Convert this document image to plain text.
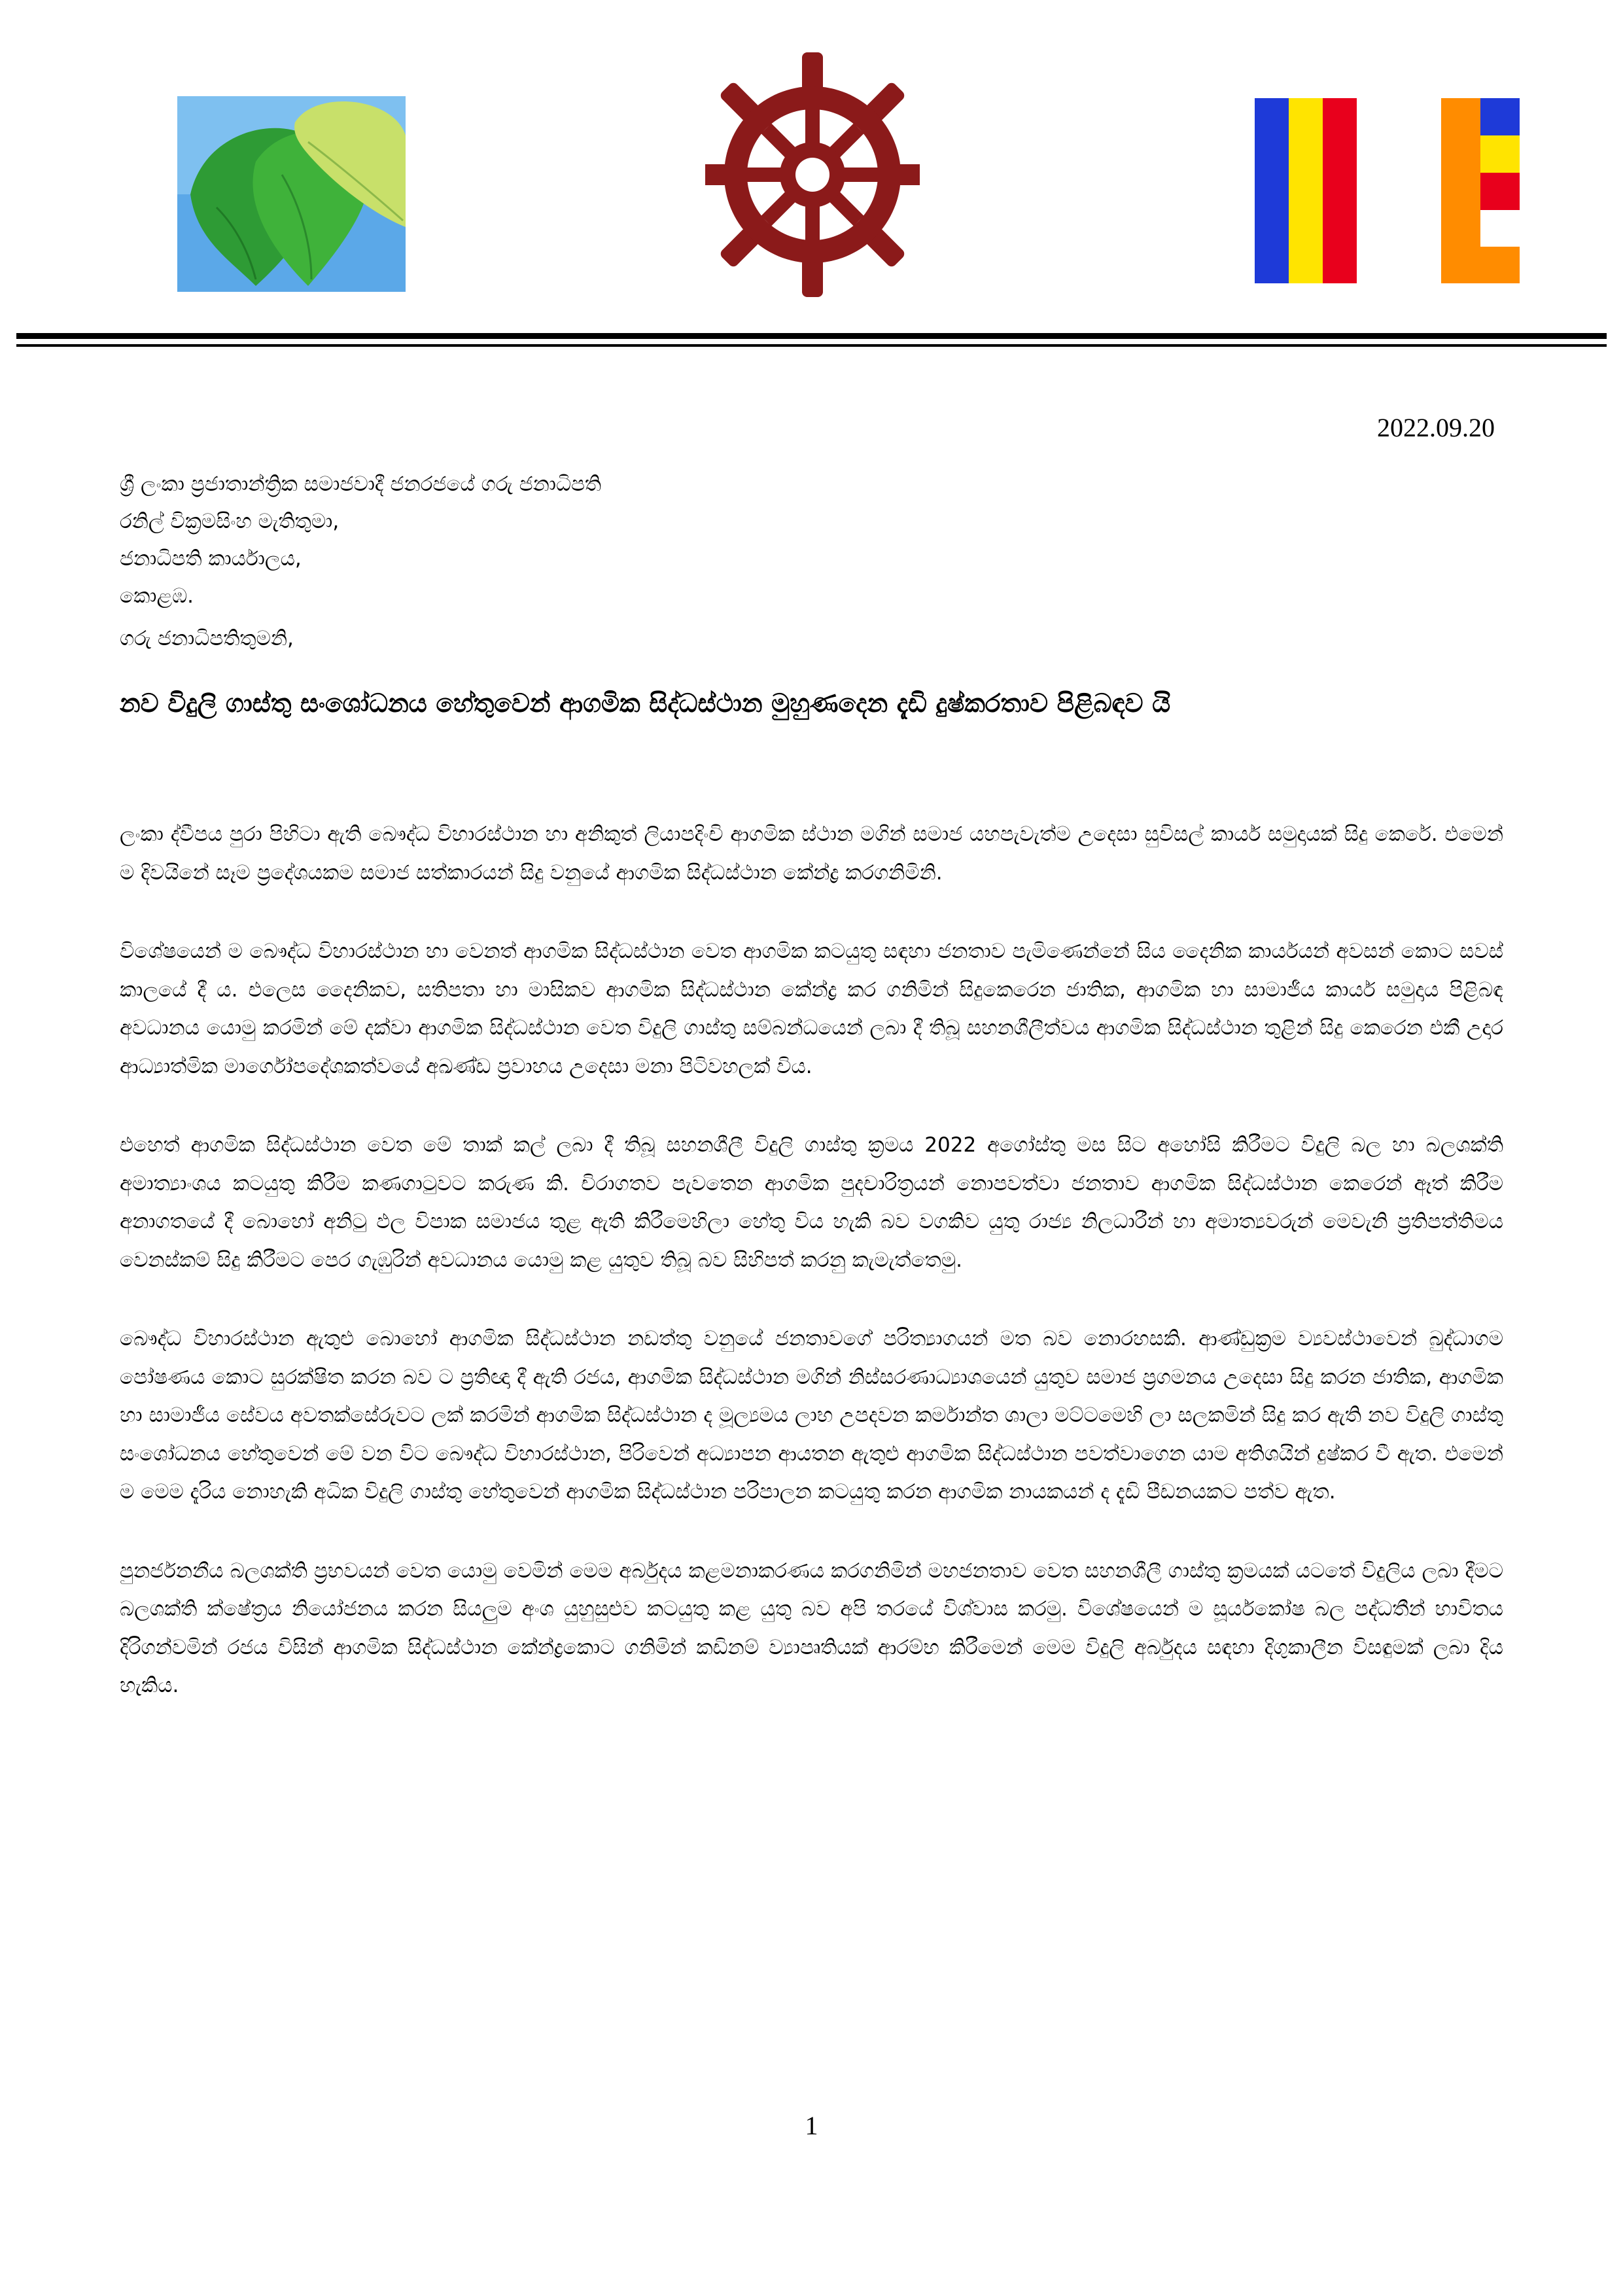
2022.09.20
ශ්‍රී ලංකා ප්‍රජාතාන්ත්‍රික සමාජවාදී ජනරජයේ ගරු ජනාධිපති
රනිල් වික්‍රමසිංහ මැතිතුමා,
ජනාධිපති කාර්යාලය,
කොළඹ.
ගරු ජනාධිපතිතුමනි,
නව විදුලි ගාස්තු සංශෝධනය හේතුවෙන් ආගමික සිද්ධස්ථාන මුහුණදෙන දැඩි දුෂ්කරතාව පිළිබඳව යි

ලංකා ද්වීපය පුරා පිහිටා ඇති බෞද්ධ විහාරස්ථාන හා අනිකුත් ලියාපදිංචි ආගමික ස්ථාන මගින් සමාජ යහපැවැත්ම උදෙසා සුවිසල් කාර්ය සමුදායක් සිදු කෙරේ. එමෙන් ම දිවයිනේ සෑම ප්‍රදේශයකම සමාජ සත්කාරයන් සිදු වනුයේ ආගමික සිද්ධස්ථාන කේන්ද්‍ර කරගනිමිනි.

විශේෂයෙන් ම බෞද්ධ විහාරස්ථාන හා වෙනත් ආගමික සිද්ධස්ථාන වෙත ආගමික කටයුතු සඳහා ජනතාව පැමිණෙන්නේ සිය දෛනික කාර්යයන් අවසන් කොට සවස් කාලයේ දී ය. එලෙස දෛනිකව, සතිපතා හා මාසිකව ආගමික සිද්ධස්ථාන කේන්ද්‍ර කර ගනිමින් සිදුකෙරෙන ජාතික, ආගමික හා සාමාජීය කාර්ය සමුදාය පිළිබඳ අවධානය යොමු කරමින් මේ දක්වා ආගමික සිද්ධස්ථාන වෙත විදුලි ගාස්තු සම්බන්ධයෙන් ලබා දී තිබූ සහනශීලීත්වය ආගමික සිද්ධස්ථාන තුළින් සිදු කෙරෙන එකී උදාර ආධ්‍යාත්මික මාර්ගෝපදේශකත්වයේ අඛණ්ඩ ප්‍රවාහය උදෙසා මනා පිටිවහලක් විය.

එහෙත් ආගමික සිද්ධස්ථාන වෙත මේ තාක් කල් ලබා දී තිබූ සහනශීලී විදුලි ගාස්තු ක්‍රමය 2022 අගෝස්තු මස සිට අහෝසි කිරීමට විදුලි බල හා බලශක්ති අමාත්‍යාංශය කටයුතු කිරීම කණගාටුවට කරුණ කි. චිරාගතව පැවතෙන ආගමික පුදචාරිත්‍රයන් නොපවත්වා ජනතාව ආගමික සිද්ධස්ථාන කෙරෙන් ඈත් කිරීම අනාගතයේ දී බොහෝ අනිටු ඵල විපාක සමාජය තුළ ඇති කිරීමෙහිලා හේතු විය හැකි බව වගකිව යුතු රාජ්‍ය නිලධාරීන් හා අමාත්‍යවරුන් මෙවැනි ප්‍රතිපත්තිමය වෙනස්කම් සිදු කිරීමට පෙර ගැඹුරින් අවධානය යොමු කළ යුතුව තිබූ බව සිහිපත් කරනු කැමැත්තෙමු.

බෞද්ධ විහාරස්ථාන ඇතුළු බොහෝ ආගමික සිද්ධස්ථාන නඩත්තු වනුයේ ජනතාවගේ පරිත්‍යාගයන් මත බව නොරහසකි. ආණ්ඩුක්‍රම ව්‍යවස්ථාවෙන් බුද්ධාගම පෝෂණය කොට සුරක්ෂිත කරන බව ට ප්‍රතිඥා දී ඇති රජය, ආගමික සිද්ධස්ථාන මගින් නිස්සරණාධ්‍යාශයෙන් යුතුව සමාජ ප්‍රගමනය උදෙසා සිදු කරන ජාතික, ආගමික හා සාමාජීය සේවය අවතක්සේරුවට ලක් කරමින් ආගමික සිද්ධස්ථාන ද මූල්‍යමය ලාභ උපදවන කර්මාන්ත ශාලා මට්ටමෙහි ලා සලකමින් සිදු කර ඇති නව විදුලි ගාස්තු සංශෝධනය හේතුවෙන් මේ වන විට බෞද්ධ විහාරස්ථාන, පිරිවෙන් අධ්‍යාපන ආයතන ඇතුළු ආගමික සිද්ධස්ථාන පවත්වාගෙන යාම අතිශයින් දුෂ්කර වී ඇත. එමෙන් ම මෙම දැරිය නොහැකි අධික විදුලි ගාස්තු හේතුවෙන් ආගමික සිද්ධස්ථාන පරිපාලන කටයුතු කරන ආගමික නායකයන් ද දැඩි පීඩනයකට පත්ව ඇත.

පුනර්ජනනීය බලශක්ති ප්‍රභවයන් වෙත යොමු වෙමින් මෙම අර්බුදය කළමනාකරණය කරගනිමින් මහජනතාව වෙත සහනශීලී ගාස්තු ක්‍රමයක් යටතේ විදුලිය ලබා දීමට බලශක්ති ක්ෂේත්‍රය නියෝජනය කරන සියලුම අංශ යුහුසුළුව කටයුතු කළ යුතු බව අපි තරයේ විශ්වාස කරමු. විශේෂයෙන් ම සූර්යකෝෂ බල පද්ධතීන් භාවිතය දිරිගන්වමින් රජය විසින් ආගමික සිද්ධස්ථාන කේන්ද්‍රකොට ගනිමින් කඩිනම් ව්‍යාපෘතියක් ආරම්භ කිරීමෙන් මෙම විදුලි අර්බුදය සඳහා දිගුකාලීන විසඳුමක් ලබා දිය හැකිය.

1
